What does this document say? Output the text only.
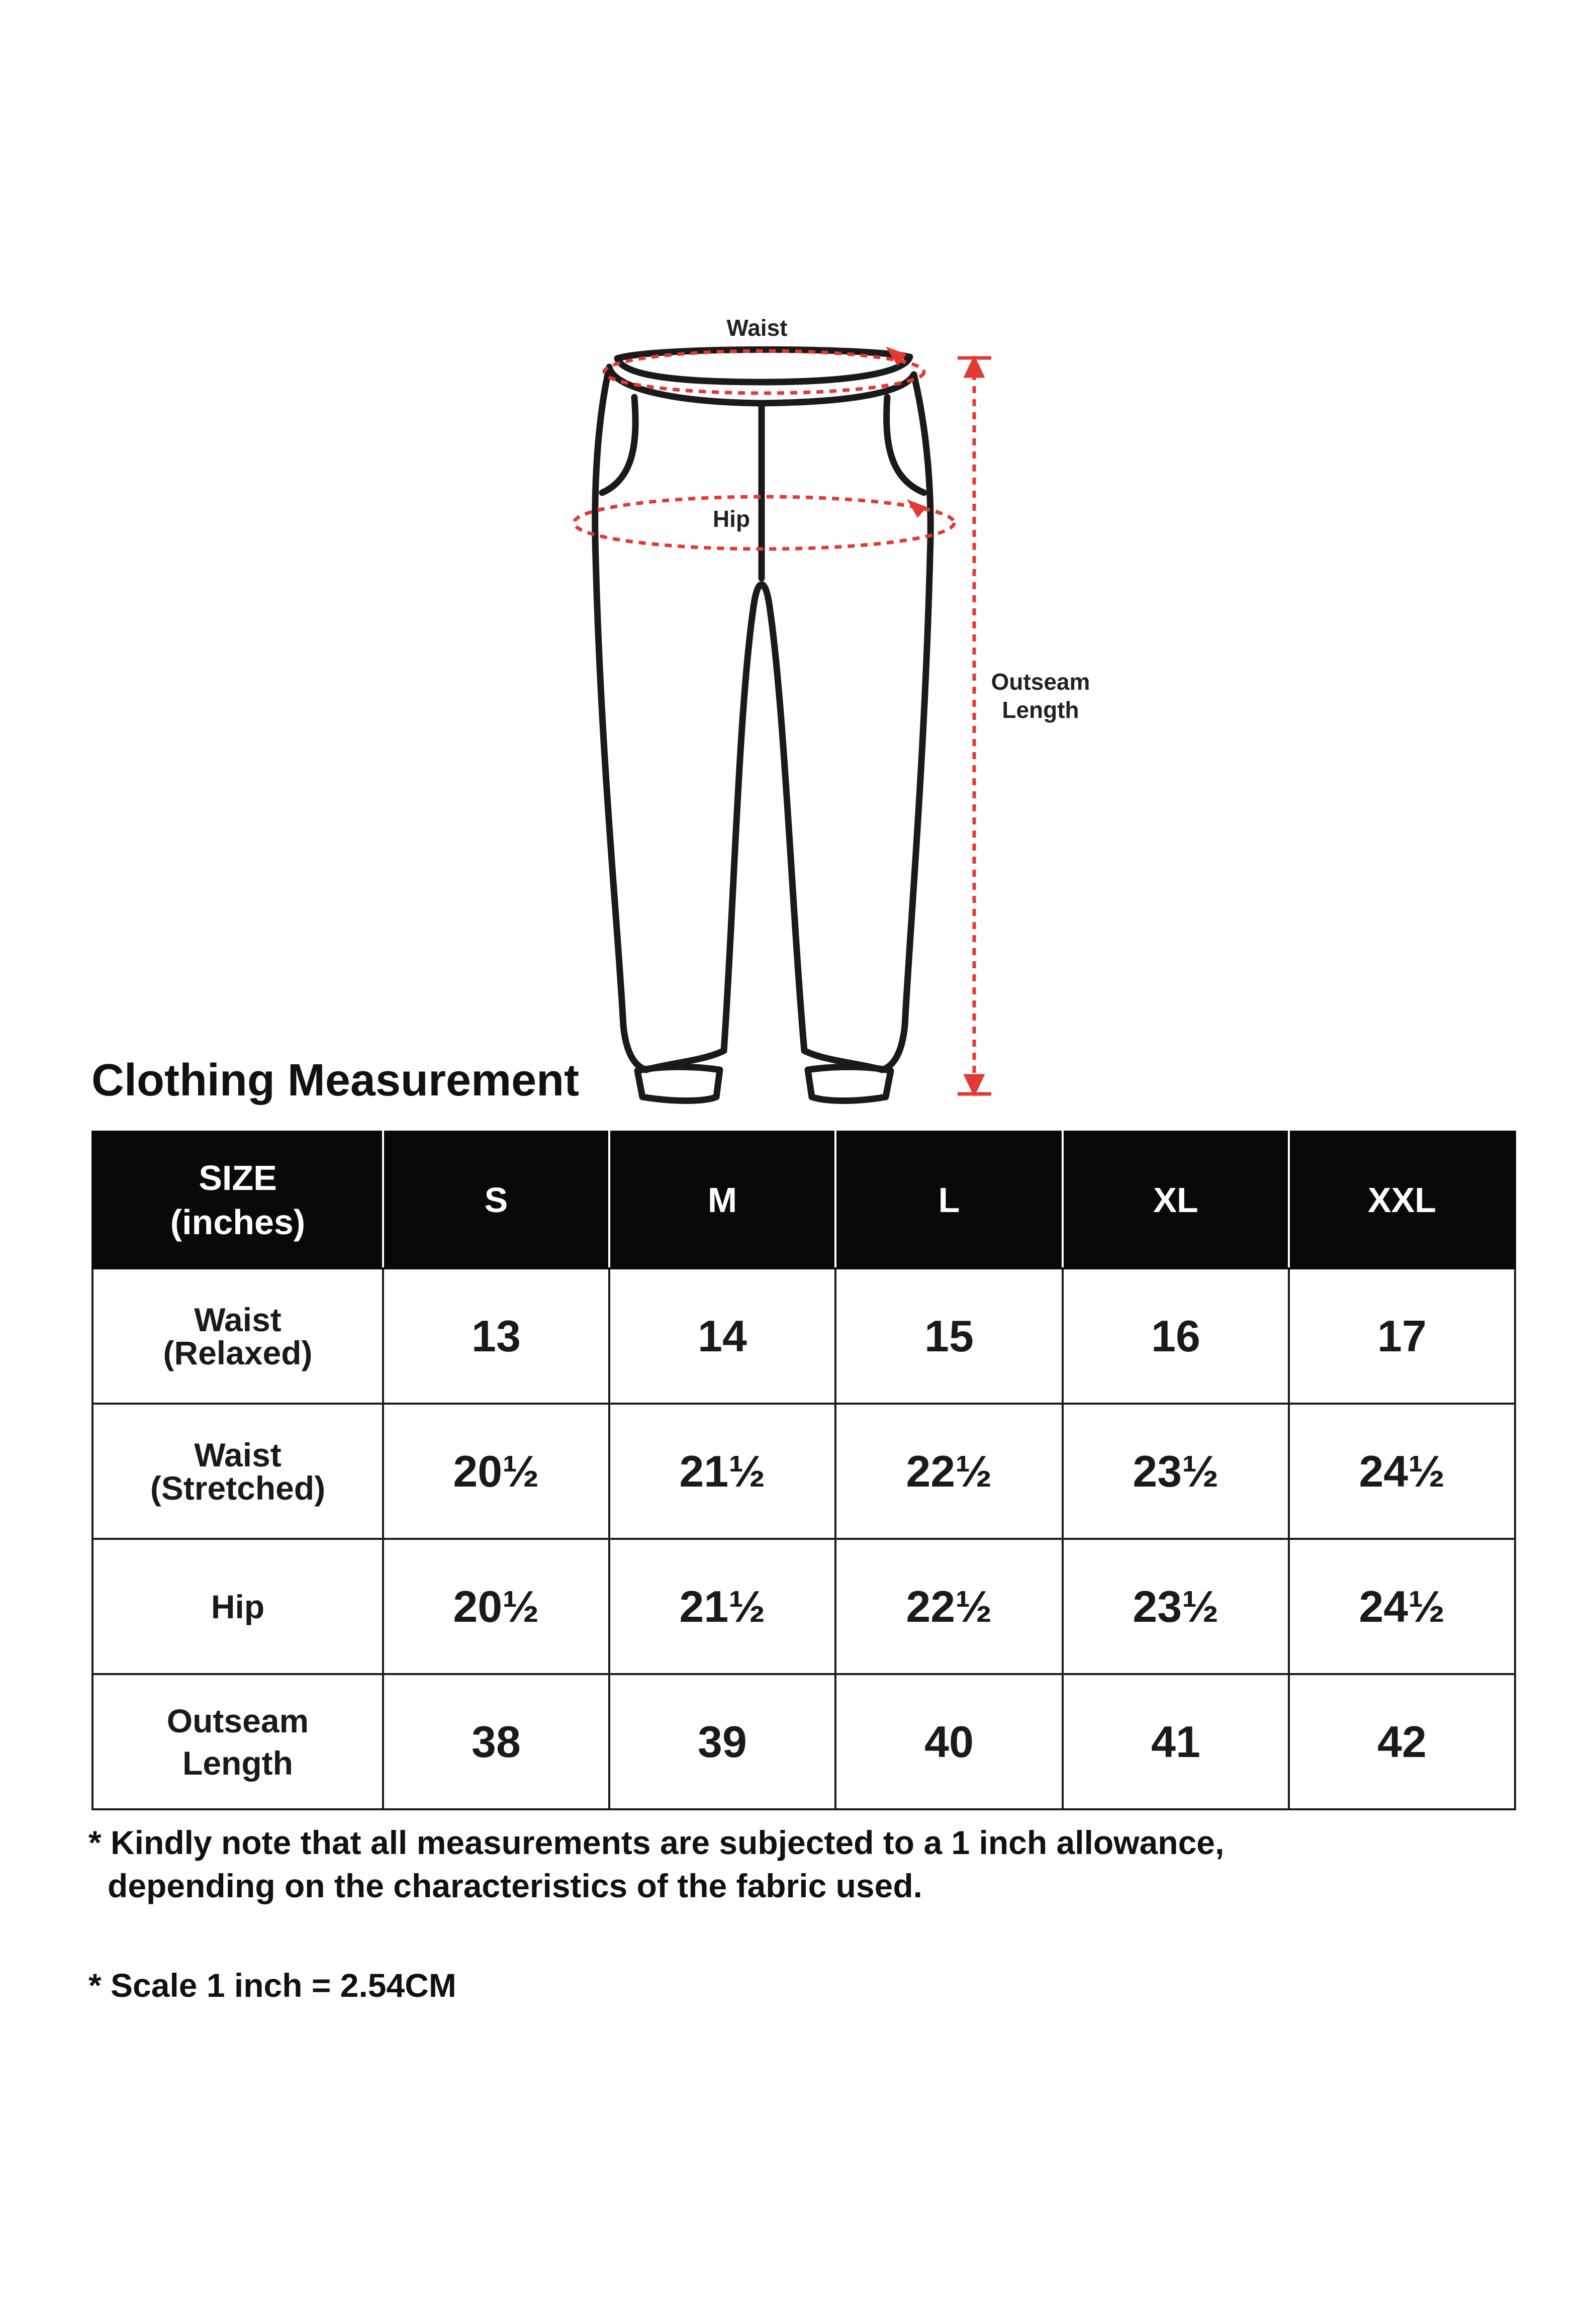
Waist
Hip
Outseam
Length
Clothing Measurement
SIZE
(inches)	S	M	L	XL	XXL

Waist
(Relaxed)	13	14	15	16	17

Waist
(Stretched)	20½	21½	22½	23½	24½

Hip	20½	21½	22½	23½	24½

Outseam
Length	38	39	40	41	42
* Kindly note that all measurements are subjected to a 1 inch allowance,
depending on the characteristics of the fabric used.
* Scale 1 inch = 2.54CM
